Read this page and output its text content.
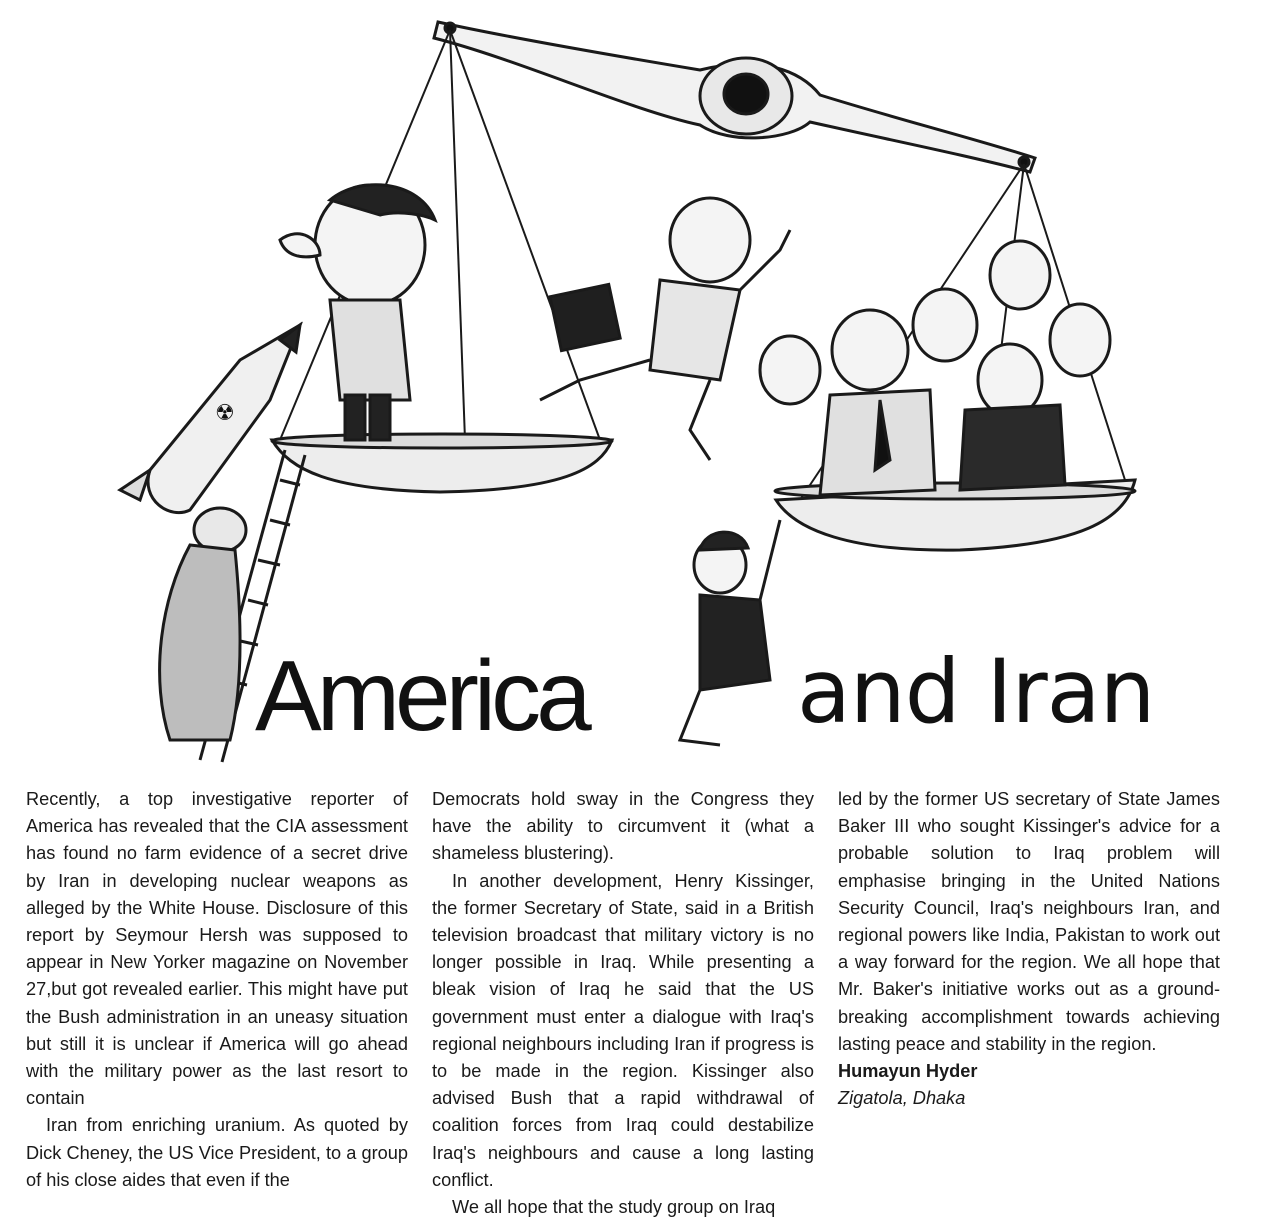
☢
America and Iran

Recently, a top investigative reporter of America has revealed that the CIA assessment has found no farm evidence of a secret drive by Iran in developing nuclear weapons as alleged by the White House. Disclosure of this report by Seymour Hersh was supposed to appear in New Yorker magazine on November 27,but got revealed earlier. This might have put the Bush administration in an uneasy situation but still it is unclear if America will go ahead with the military power as the last resort to contain

Iran from enriching uranium. As quoted by Dick Cheney, the US Vice President, to a group of his close aides that even if the

Democrats hold sway in the Congress they have the ability to circumvent it (what a shameless blustering).

In another development, Henry Kissinger, the former Secretary of State, said in a British television broadcast that military victory is no longer possible in Iraq. While presenting a bleak vision of Iraq he said that the US government must enter a dialogue with Iraq's regional neighbours including Iran if progress is to be made in the region. Kissinger also advised Bush that a rapid withdrawal of coalition forces from Iraq could destabilize Iraq's neighbours and cause a long lasting conflict.

We all hope that the study group on Iraq

led by the former US secretary of State James Baker III who sought Kissinger's advice for a probable solution to Iraq problem will emphasise bringing in the United Nations Security Council, Iraq's neighbours Iran, and regional powers like India, Pakistan to work out a way forward for the region. We all hope that Mr. Baker's initiative works out as a ground-breaking accomplishment towards achieving lasting peace and stability in the region.

Humayun Hyder

Zigatola, Dhaka
